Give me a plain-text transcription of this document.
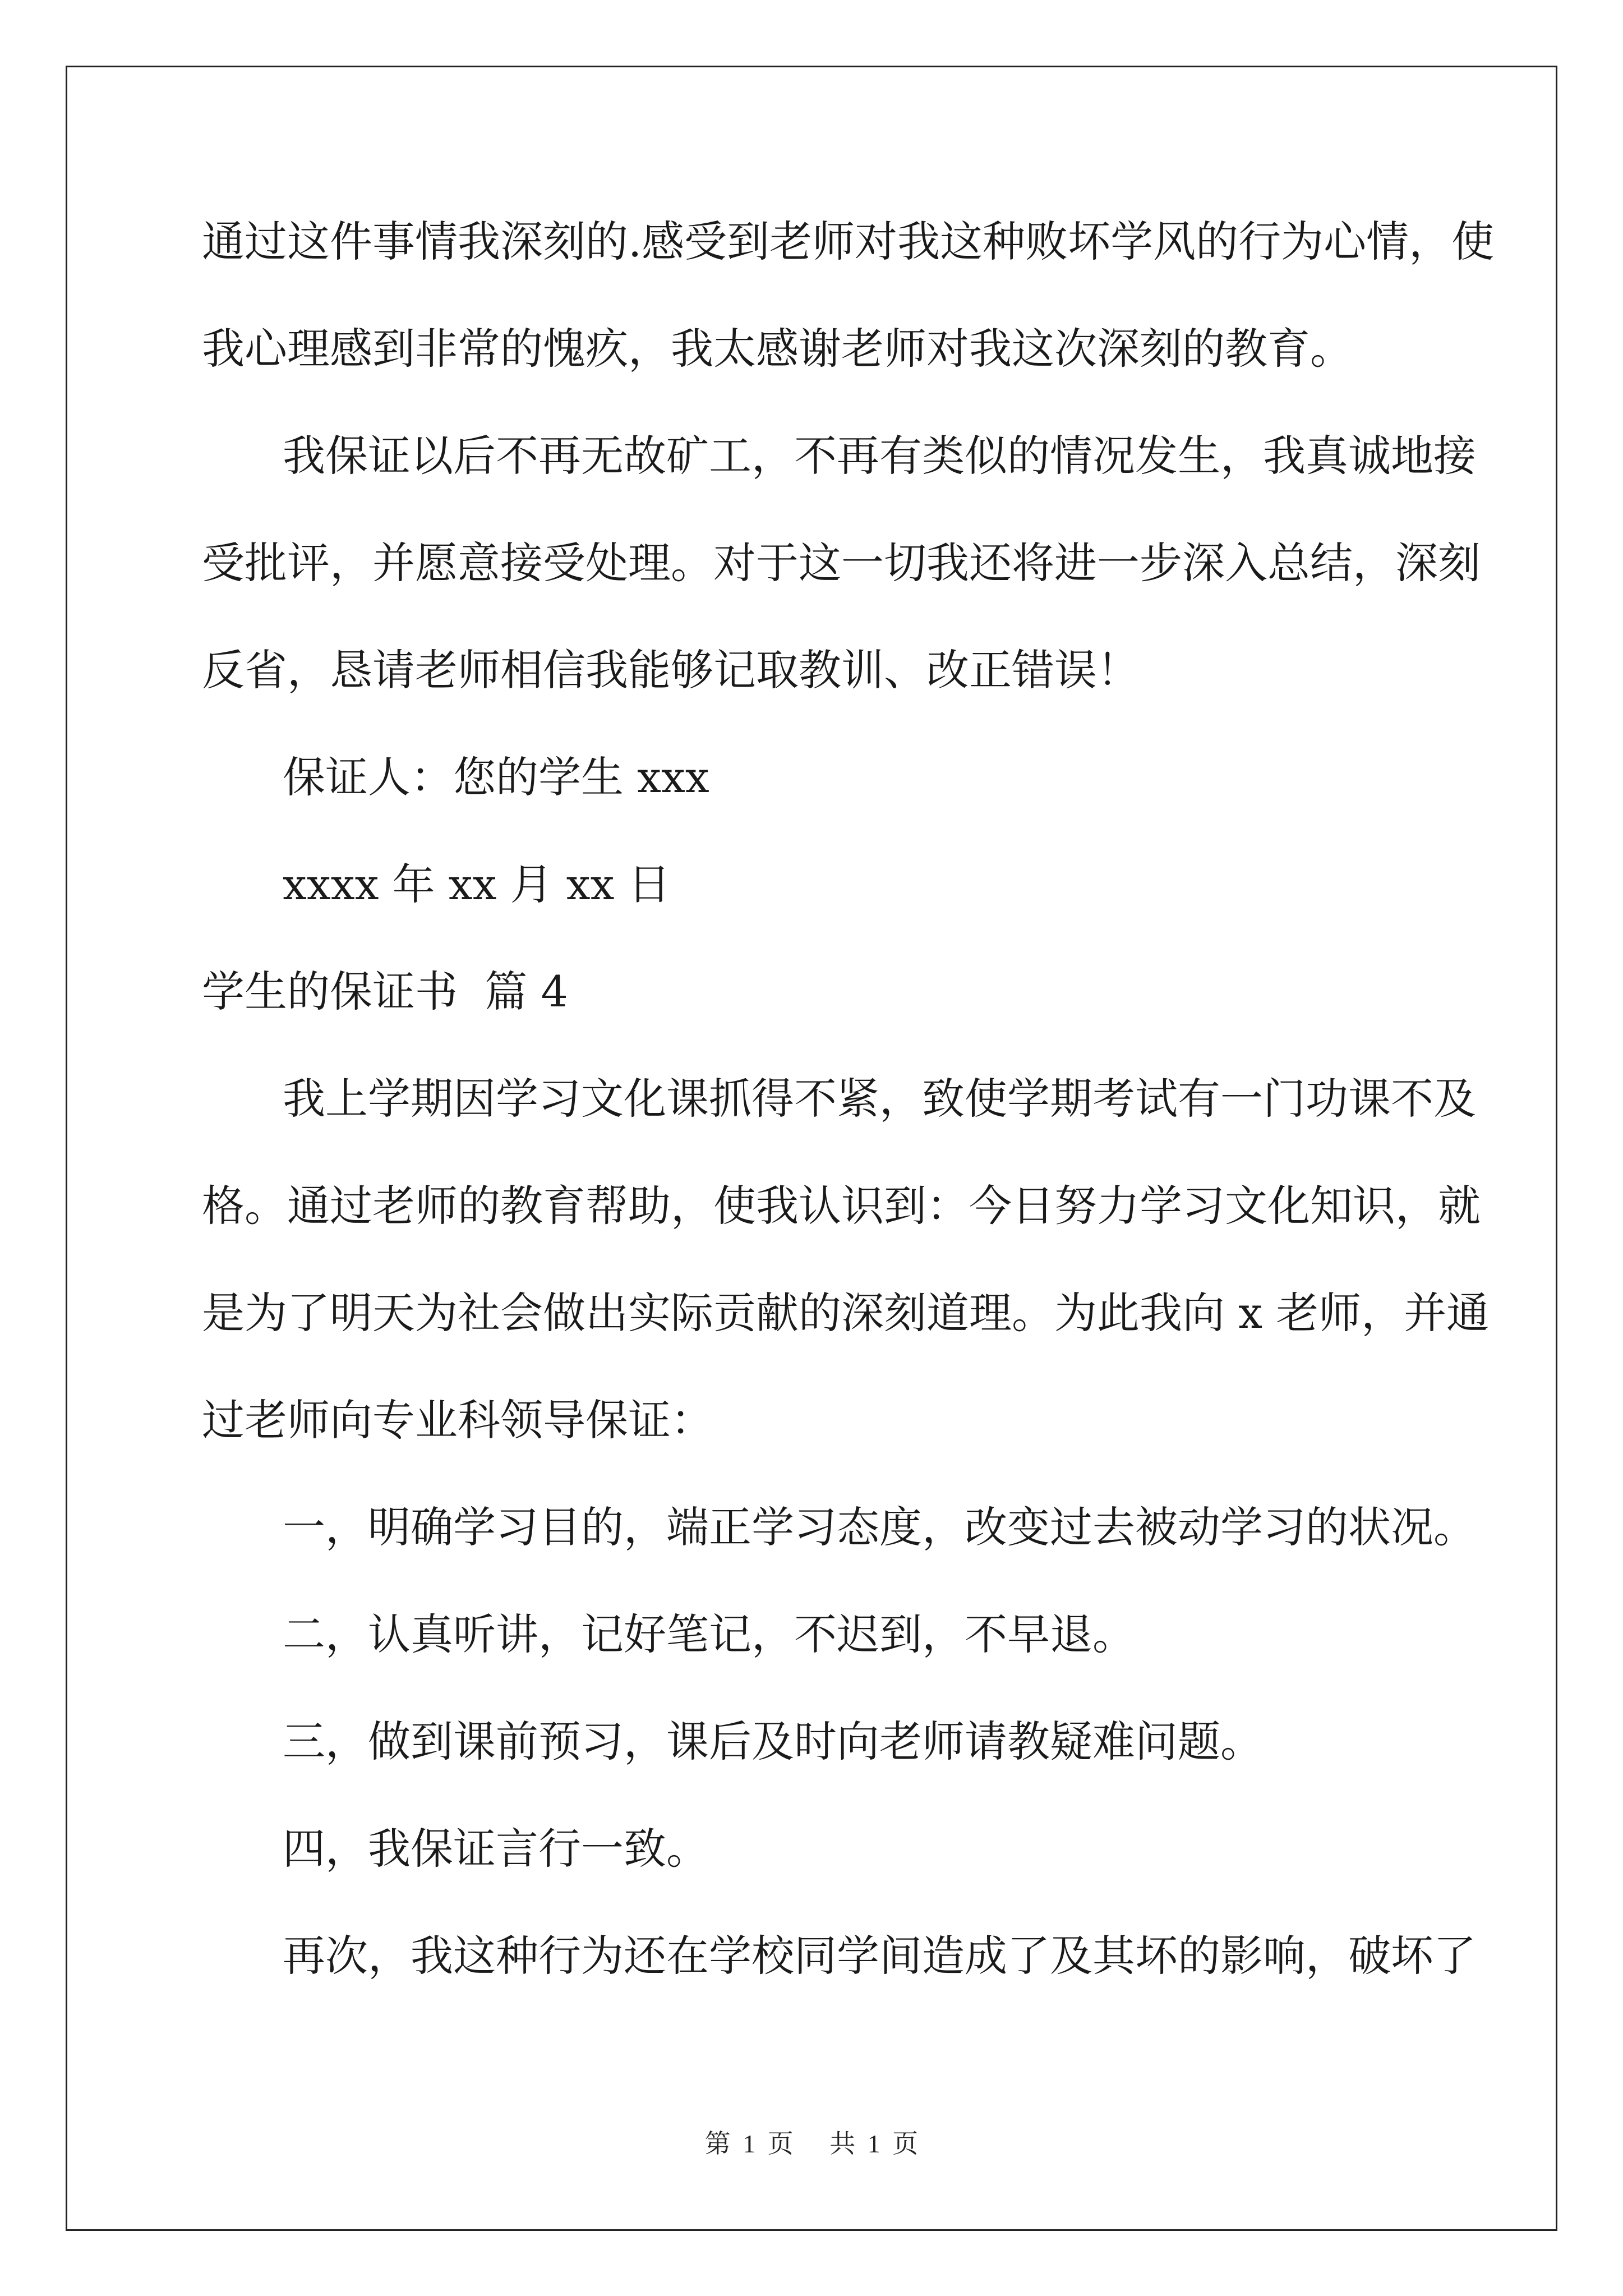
通过这件事情我深刻的.感受到老师对我这种败坏学风的行为心情，使
我心理感到非常的愧疚，我太感谢老师对我这次深刻的教育。
我保证以后不再无故矿工，不再有类似的情况发生，我真诚地接
受批评，并愿意接受处理。对于这一切我还将进一步深入总结，深刻
反省，恳请老师相信我能够记取教训、改正错误！
保证人：您的学生 xxx
xxxx 年 xx 月 xx 日
学生的保证书  篇 4
我上学期因学习文化课抓得不紧，致使学期考试有一门功课不及
格。通过老师的教育帮助，使我认识到：今日努力学习文化知识，就
是为了明天为社会做出实际贡献的深刻道理。为此我向 x 老师，并通
过老师向专业科领导保证：
一，明确学习目的，端正学习态度，改变过去被动学习的状况。
二，认真听讲，记好笔记，不迟到，不早退。
三，做到课前预习，课后及时向老师请教疑难问题。
四，我保证言行一致。
再次，我这种行为还在学校同学间造成了及其坏的影响，破坏了
第 1 页   共 1 页
